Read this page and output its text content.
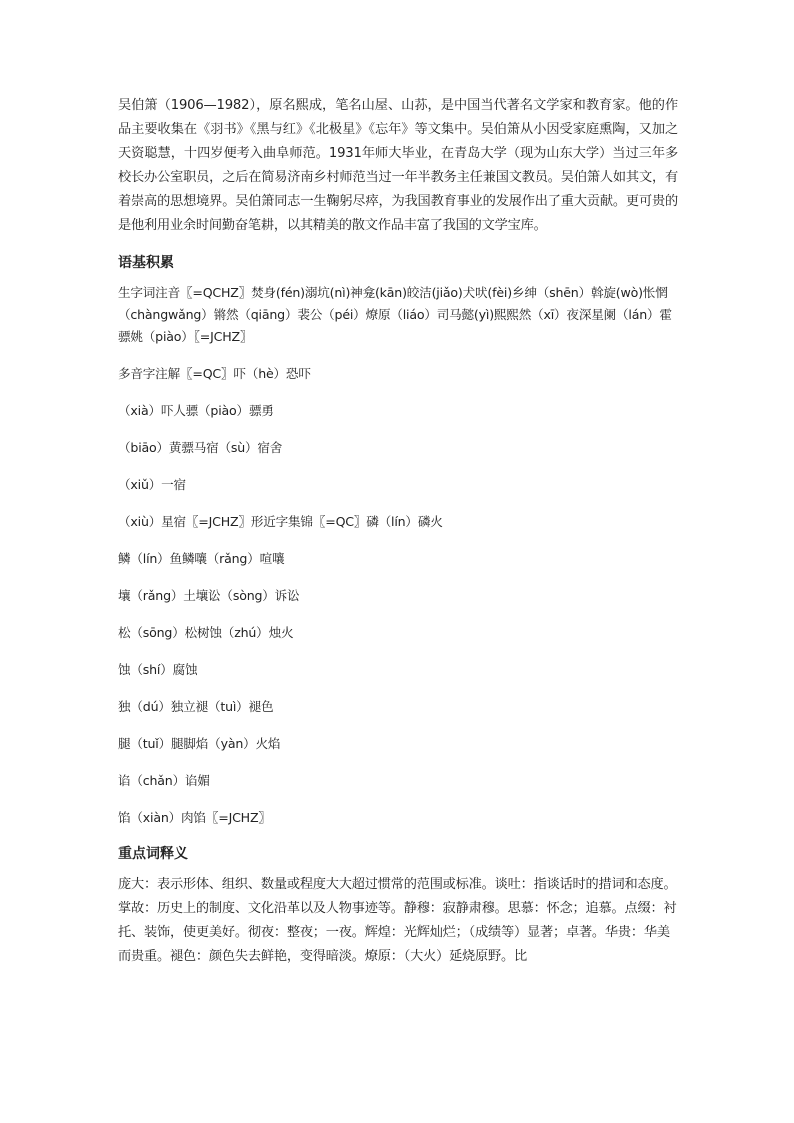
吴伯箫（1906—1982），原名熙成，笔名山屋、山荪，是中国当代著名文学家和教育家。他的作品主要收集在《羽书》《黑与红》《北极星》《忘年》等文集中。吴伯箫从小因受家庭熏陶，又加之天资聪慧，十四岁便考入曲阜师范。1931年师大毕业，在青岛大学（现为山东大学）当过三年多校长办公室职员，之后在简易济南乡村师范当过一年半教务主任兼国文教员。吴伯箫人如其文，有着崇高的思想境界。吴伯箫同志一生鞠躬尽瘁，为我国教育事业的发展作出了重大贡献。更可贵的是他利用业余时间勤奋笔耕，以其精美的散文作品丰富了我国的文学宝库。

语基积累

生字词注音〖=QCHZ〗焚身(fén)溺坑(nì)神龛(kān)皎洁(jiǎo)犬吠(fèi)乡绅（shēn）斡旋(wò)怅惘（chàngwǎng）锵然（qiāng）裴公（péi）燎原（liáo）司马懿(yì)熙熙然（xī）夜深星阑（lán）霍骠姚（piào）〖=JCHZ〗

多音字注解〖=QC〗吓（hè）恐吓

（xià）吓人骠（piào）骠勇

（biāo）黄骠马宿（sù）宿舍

（xiǔ）一宿

（xiù）星宿〖=JCHZ〗形近字集锦〖=QC〗磷（lín）磷火

鳞（lín）鱼鳞嚷（rǎng）喧嚷

壤（rǎng）土壤讼（sòng）诉讼

松（sōng）松树蚀（zhú）烛火

蚀（shí）腐蚀

独（dú）独立褪（tuì）褪色

腿（tuǐ）腿脚焰（yàn）火焰

谄（chǎn）谄媚

馅（xiàn）肉馅〖=JCHZ〗

重点词释义

庞大：表示形体、组织、数量或程度大大超过惯常的范围或标准。谈吐：指谈话时的措词和态度。掌故：历史上的制度、文化沿革以及人物事迹等。静穆：寂静肃穆。思慕：怀念；追慕。点缀：衬托、装饰，使更美好。彻夜：整夜；一夜。辉煌：光辉灿烂；（成绩等）显著；卓著。华贵：华美而贵重。褪色：颜色失去鲜艳，变得暗淡。燎原：（大火）延烧原野。比
